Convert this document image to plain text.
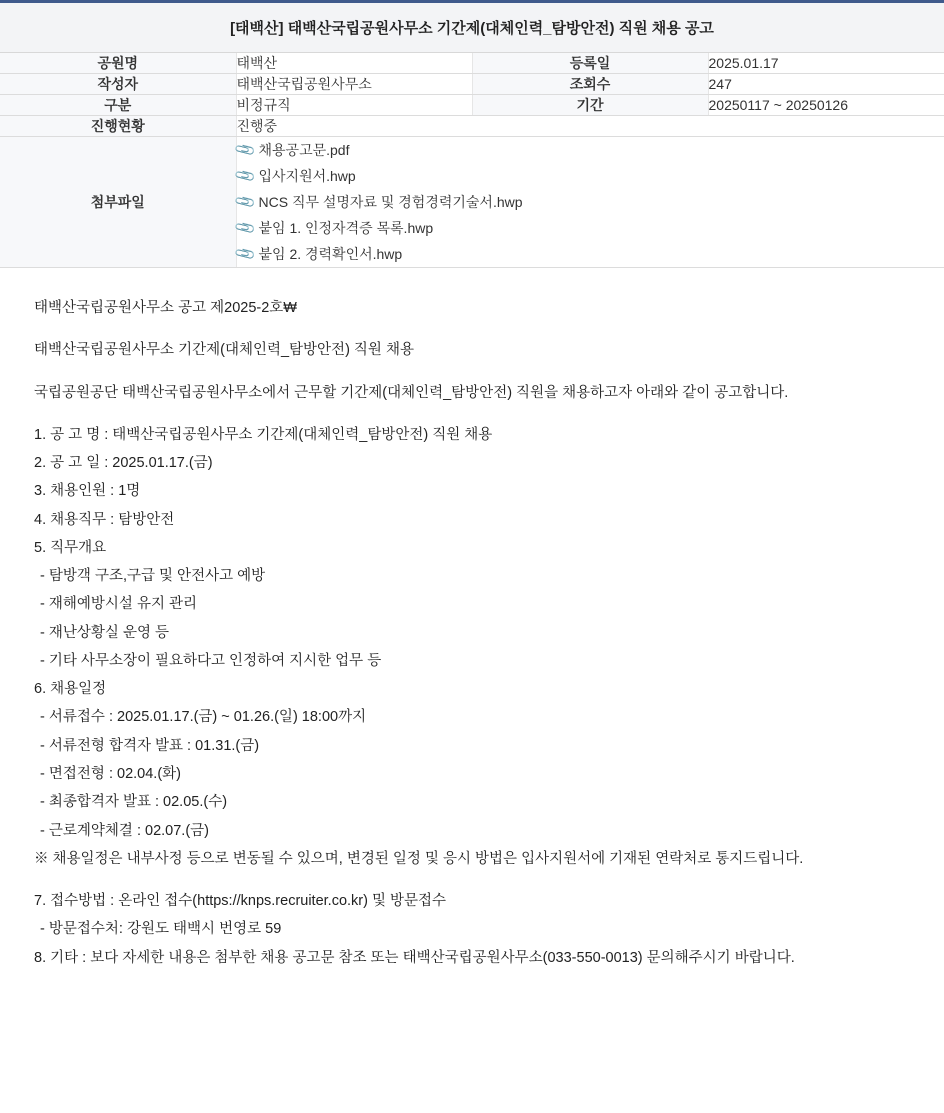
[태백산] 태백산국립공원사무소 기간제(대체인력_탐방안전) 직원 채용 공고			
공원명	태백산	등록일	2025.01.17
작성자	태백산국립공원사무소	조회수	247
구분	비정규직	기간	20250117 ~ 20250126
진행현황	진행중		
첨부파일	
📎 채용공고문.pdf
📎 입사지원서.hwp
📎 NCS 직무 설명자료 및 경험경력기술서.hwp
📎 붙임 1. 인정자격증 목록.hwp
📎 붙임 2. 경력확인서.hwp

태백산국립공원사무소 공고 제2025-2호₩

태백산국립공원사무소 기간제(대체인력_탐방안전) 직원 채용

국립공원공단 태백산국립공원사무소에서 근무할 기간제(대체인력_탐방안전) 직원을 채용하고자 아래와 같이 공고합니다.

1. 공 고 명 : 태백산국립공원사무소 기간제(대체인력_탐방안전) 직원 채용

2. 공 고 일 : 2025.01.17.(금)

3. 채용인원 : 1명

4. 채용직무 : 탐방안전

5. 직무개요

- 탐방객 구조,구급 및 안전사고 예방

- 재해예방시설 유지 관리

- 재난상황실 운영 등

- 기타 사무소장이 필요하다고 인정하여 지시한 업무 등

6. 채용일정

- 서류접수 : 2025.01.17.(금) ~ 01.26.(일) 18:00까지

- 서류전형 합격자 발표 : 01.31.(금)

- 면접전형 : 02.04.(화)

- 최종합격자 발표 : 02.05.(수)

- 근로계약체결 : 02.07.(금)

※ 채용일정은 내부사정 등으로 변동될 수 있으며, 변경된 일정 및 응시 방법은 입사지원서에 기재된 연락처로 통지드립니다.

7. 접수방법 : 온라인 접수(https://knps.recruiter.co.kr) 및 방문접수

- 방문접수처: 강원도 태백시 번영로 59

8. 기타 : 보다 자세한 내용은 첨부한 채용 공고문 참조 또는 태백산국립공원사무소(033-550-0013) 문의해주시기 바랍니다.
